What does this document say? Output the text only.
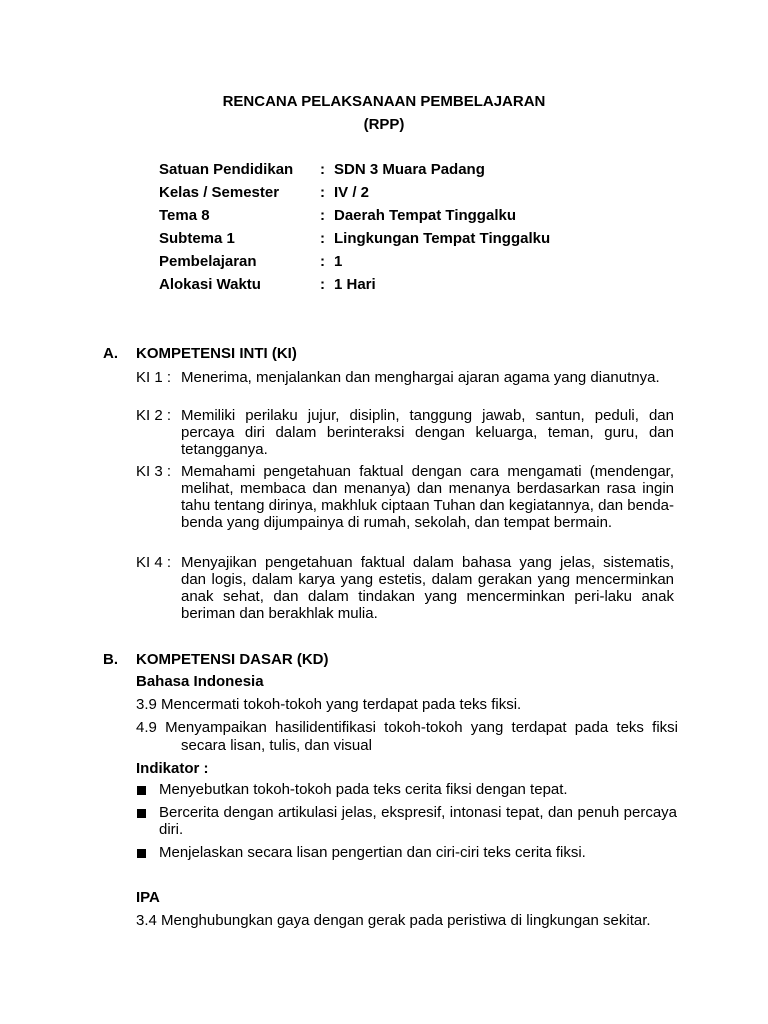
RENCANA PELAKSANAAN PEMBELAJARAN
(RPP)
Satuan Pendidikan : SDN 3 Muara Padang
Kelas / Semester	: IV / 2
Tema 8	: Daerah Tempat Tinggalku
Subtema 1	: Lingkungan Tempat Tinggalku
Pembelajaran	: 1
Alokasi Waktu	: 1 Hari
A. KOMPETENSI INTI (KI)
KI 1 : Menerima, menjalankan dan menghargai ajaran agama yang dianutnya.
KI 2 : Memiliki perilaku jujur, disiplin, tanggung jawab, santun, peduli, dan percaya diri dalam berinteraksi dengan keluarga, teman, guru, dan tetangganya.
KI 3 : Memahami pengetahuan faktual dengan cara mengamati (mendengar, melihat, membaca dan menanya) dan menanya berdasarkan rasa ingin tahu tentang dirinya, makhluk ciptaan Tuhan dan kegiatannya, dan benda-benda yang dijumpainya di rumah, sekolah, dan tempat bermain.
KI 4 : Menyajikan pengetahuan faktual dalam bahasa yang jelas, sistematis, dan logis, dalam karya yang estetis, dalam gerakan yang mencerminkan anak sehat, dan dalam tindakan yang mencerminkan peri-laku anak beriman dan berakhlak mulia.
B. KOMPETENSI DASAR (KD)
Bahasa Indonesia
3.9 Mencermati tokoh-tokoh yang terdapat pada teks fiksi.
4.9 Menyampaikan hasilidentifikasi tokoh-tokoh yang terdapat pada teks fiksi
secara lisan, tulis, dan visual
Indikator :
Menyebutkan tokoh-tokoh pada teks cerita fiksi dengan tepat.
Bercerita dengan artikulasi jelas, ekspresif, intonasi tepat, dan penuh percaya diri.
Menjelaskan secara lisan pengertian dan ciri-ciri teks cerita fiksi.
IPA
3.4 Menghubungkan gaya dengan gerak pada peristiwa di lingkungan sekitar.
